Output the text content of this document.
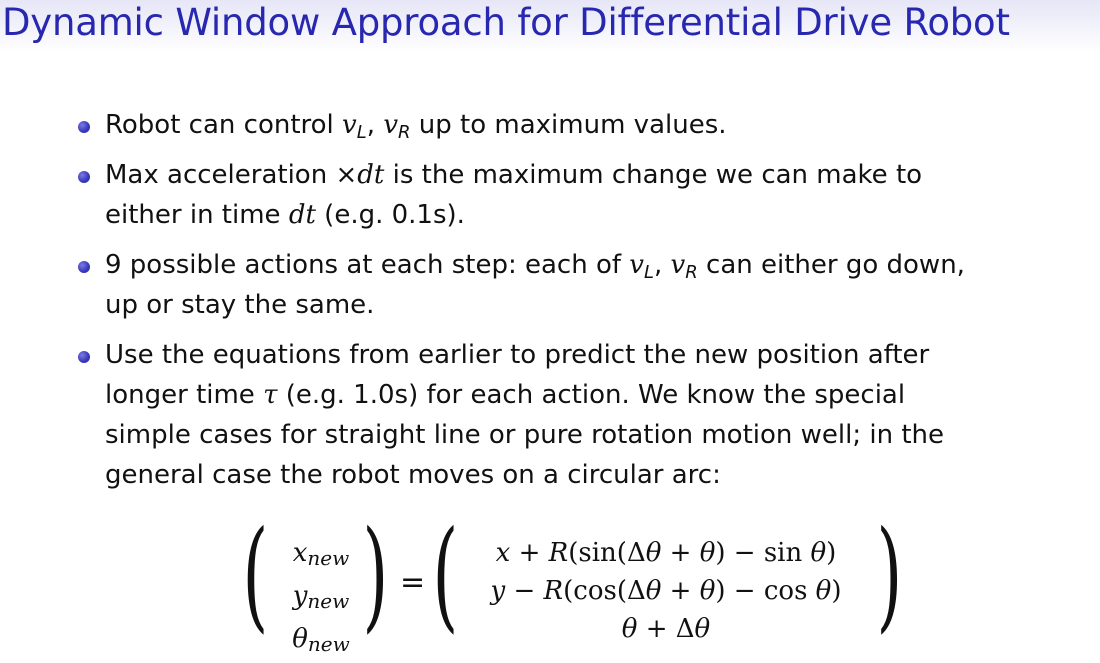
Dynamic Window Approach for Differential Drive Robot
Robot can control $v_L$, $v_R$ up to maximum values.
Max acceleration ×dt is the maximum change we can make to
either in time dt (e.g. 0.1s).
9 possible actions at each step: each of $v_L$, $v_R$ can either go down,
up or stay the same.
Use the equations from earlier to predict the new position after
longer time τ (e.g. 1.0s) for each action. We know the special
simple cases for straight line or pure rotation motion well; in the
general case the robot moves on a circular arc:
( $x_{new}$
$y_{new}$
$\theta_{new}$ ) = (	x + R(sin(Δθ + θ) − sin θ)
y − R(cos(Δθ + θ) − cos θ)
θ + Δθ	)
